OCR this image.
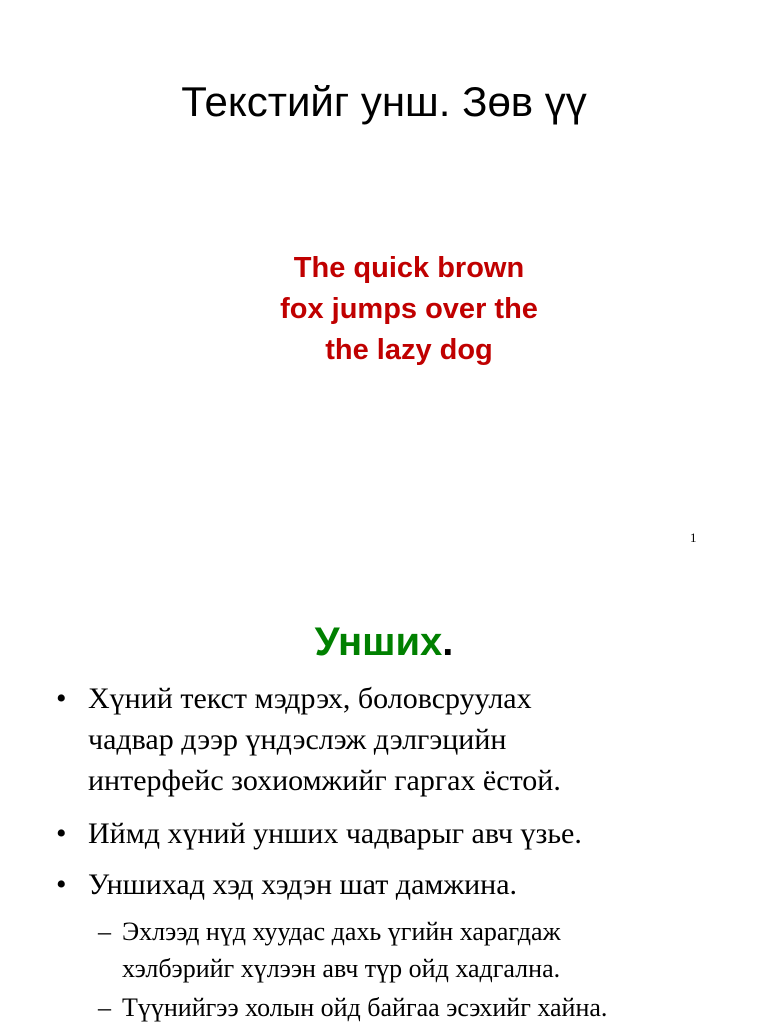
Текстийг унш. Зөв үү
The quick brown
fox jumps over the
the lazy dog
1
Унших.
• Хүний текст мэдрэх, боловсруулах
чадвар дээр үндэслэж дэлгэцийн
интерфейс зохиомжийг гаргах ёстой.
• Иймд хүний унших чадварыг авч үзье.
• Уншихад хэд хэдэн шат дамжина.
– Эхлээд нүд хуудас дахь үгийн харагдаж
хэлбэрийг хүлээн авч түр ойд хадгална.
– Түүнийгээ холын ойд байгаа эсэхийг хайна.
